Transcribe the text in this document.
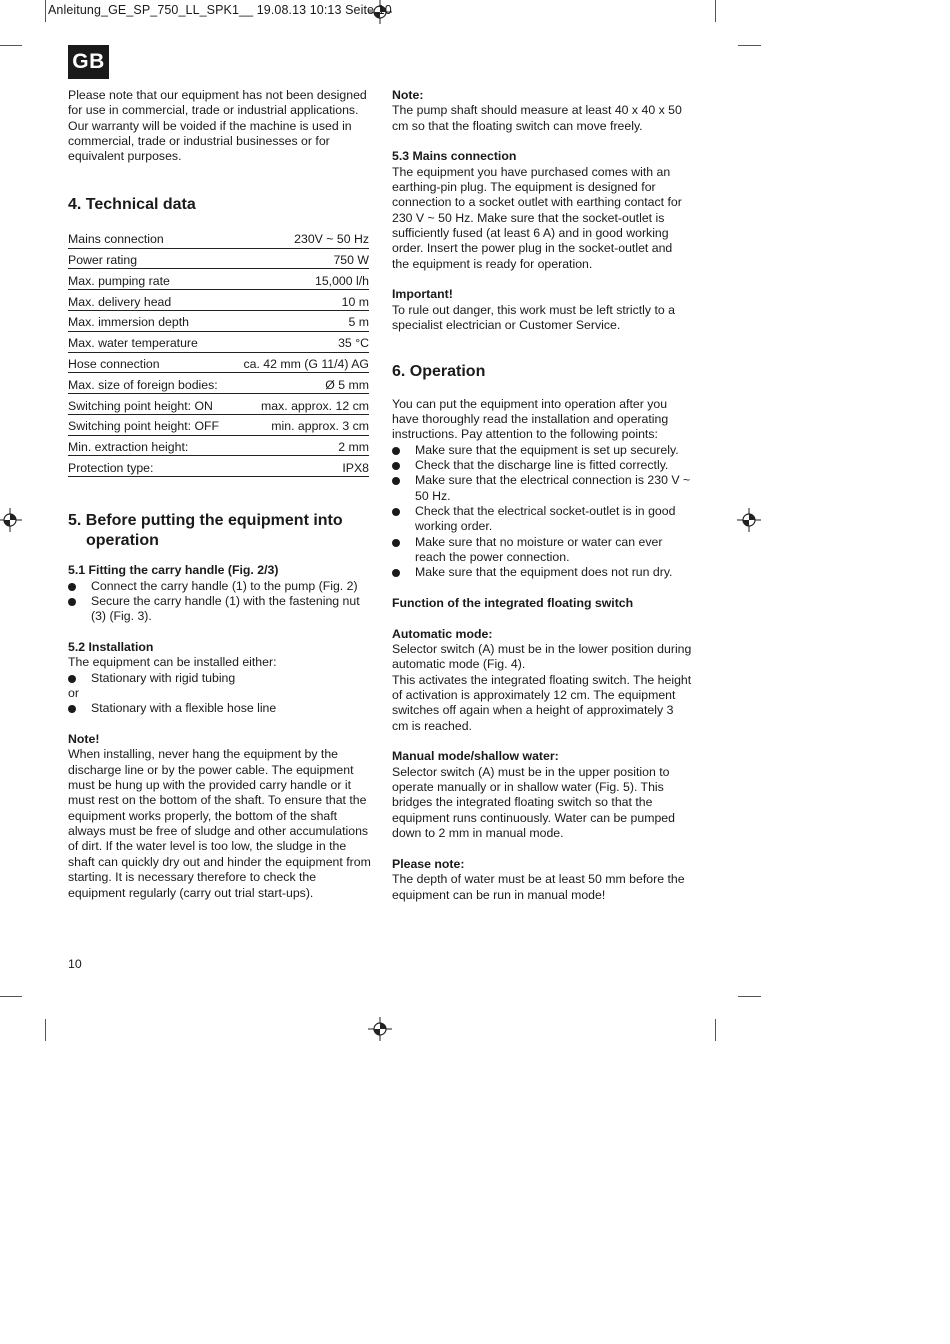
Anleitung_GE_SP_750_LL_SPK1__ 19.08.13 10:13 Seite 10
GB

Please note that our equipment has not been designed for use in commercial, trade or industrial applications. Our warranty will be voided if the machine is used in commercial, trade or industrial businesses or for equivalent purposes.

4. Technical data

Mains connection	230V ~ 50 Hz
Power rating	750 W
Max. pumping rate	15,000 l/h
Max. delivery head	10 m
Max. immersion depth	5 m
Max. water temperature	35 °C
Hose connection	ca. 42 mm (G 11/4) AG
Max. size of foreign bodies:	Ø 5 mm
Switching point height: ON	max. approx. 12 cm
Switching point height: OFF	min. approx. 3 cm
Min. extraction height:	2 mm
Protection type:	IPX8

5. Before putting the equipment into
operation

5.1 Fitting the carry handle (Fig. 2/3)

Connect the carry handle (1) to the pump (Fig. 2)
Secure the carry handle (1) with the fastening nut (3) (Fig. 3).

5.2 Installation

The equipment can be installed either:

Stationary with rigid tubing

or

Stationary with a flexible hose line

Note!

When installing, never hang the equipment by the discharge line or by the power cable. The equipment must be hung up with the provided carry handle or it must rest on the bottom of the shaft. To ensure that the equipment works properly, the bottom of the shaft always must be free of sludge and other accumulations of dirt. If the water level is too low, the sludge in the shaft can quickly dry out and hinder the equipment from starting. It is necessary therefore to check the equipment regularly (carry out trial start-ups).

Note:

The pump shaft should measure at least 40 x 40 x 50 cm so that the floating switch can move freely.

5.3 Mains connection

The equipment you have purchased comes with an earthing-pin plug. The equipment is designed for connection to a socket outlet with earthing contact for 230 V ~ 50 Hz. Make sure that the socket-outlet is sufficiently fused (at least 6 A) and in good working order. Insert the power plug in the socket-outlet and the equipment is ready for operation.

Important!

To rule out danger, this work must be left strictly to a specialist electrician or Customer Service.

6. Operation

You can put the equipment into operation after you have thoroughly read the installation and operating instructions. Pay attention to the following points:

Make sure that the equipment is set up securely.
Check that the discharge line is fitted correctly.
Make sure that the electrical connection is 230 V ~ 50 Hz.
Check that the electrical socket-outlet is in good working order.
Make sure that no moisture or water can ever reach the power connection.
Make sure that the equipment does not run dry.

Function of the integrated floating switch

Automatic mode:

Selector switch (A) must be in the lower position during automatic mode (Fig. 4).

This activates the integrated floating switch. The height of activation is approximately 12 cm. The equipment switches off again when a height of approximately 3 cm is reached.

Manual mode/shallow water:

Selector switch (A) must be in the upper position to operate manually or in shallow water (Fig. 5). This bridges the integrated floating switch so that the equipment runs continuously. Water can be pumped down to 2 mm in manual mode.

Please note:

The depth of water must be at least 50 mm before the equipment can be run in manual mode!

10
